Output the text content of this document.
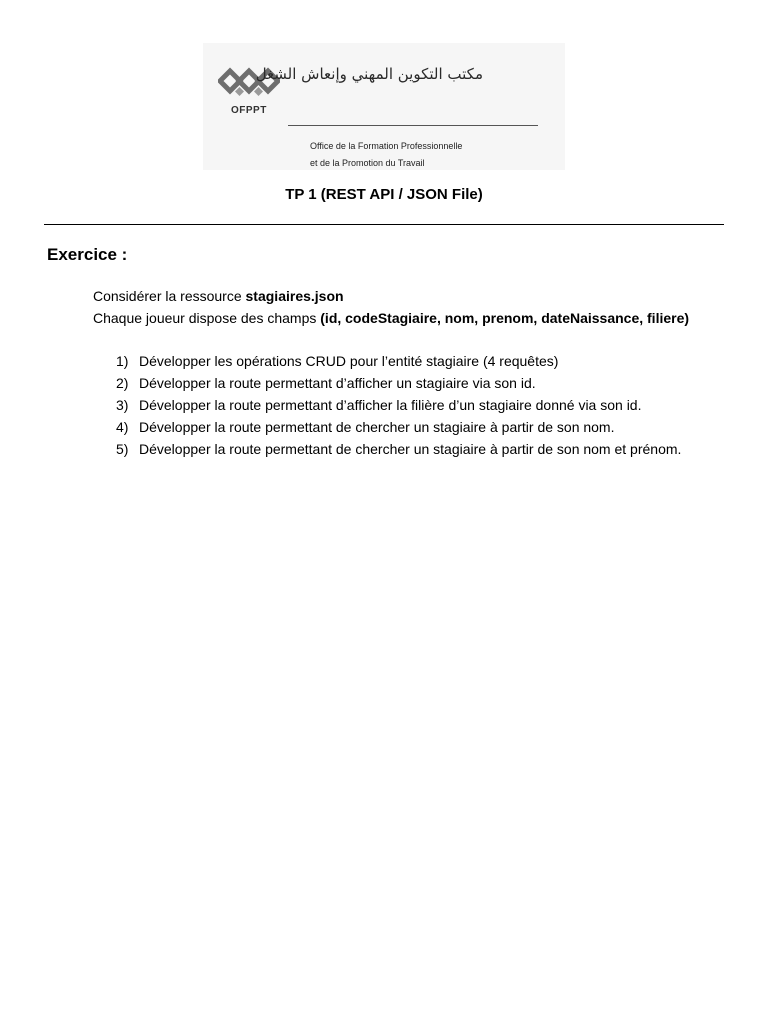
OFPPT
مكتب التكوين المهني وإنعاش الشغل
Office de la Formation Professionnelle
et de la Promotion du Travail
TP 1 (REST API / JSON File)
Exercice :
Considérer la ressource stagiaires.json
Chaque joueur dispose des champs (id, codeStagiaire, nom, prenom, dateNaissance, filiere)
1) Développer les opérations CRUD pour l’entité stagiaire (4 requêtes)
2) Développer la route permettant d’afficher un stagiaire via son id.
3) Développer la route permettant d’afficher la filière d’un stagiaire donné via son id.
4) Développer la route permettant de chercher un stagiaire à partir de son nom.
5) Développer la route permettant de chercher un stagiaire à partir de son nom et prénom.
